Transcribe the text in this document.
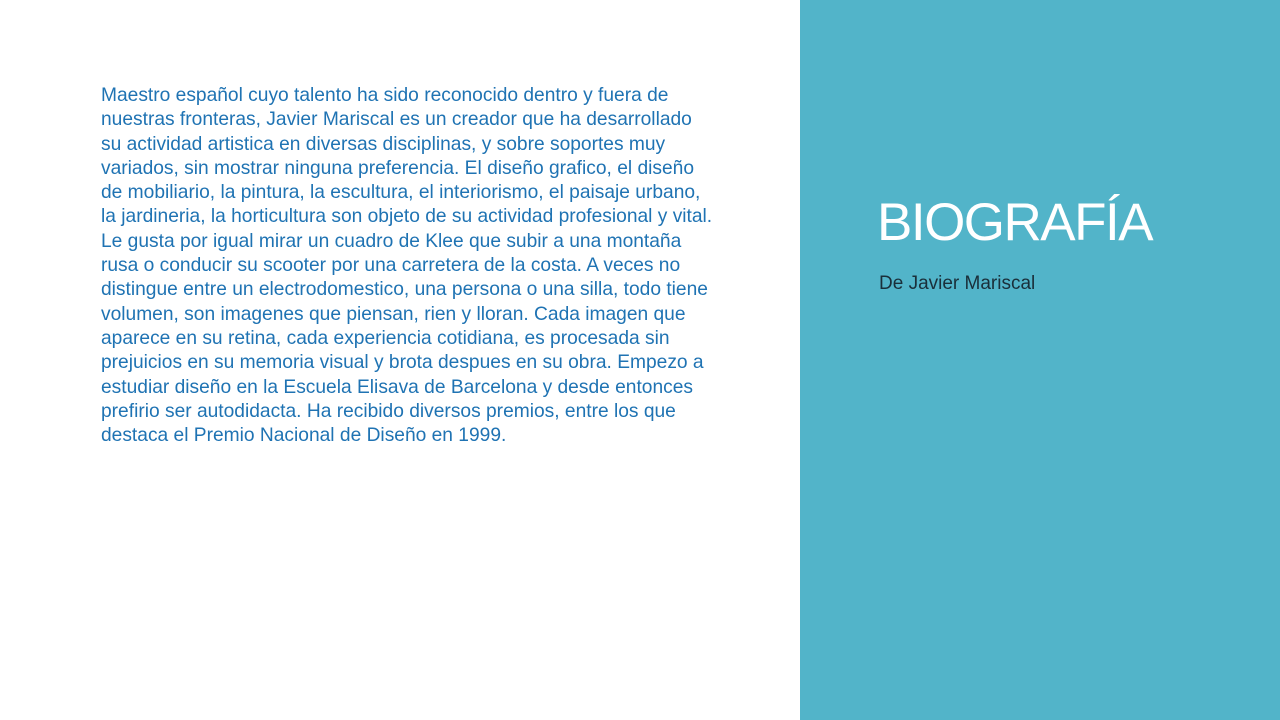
Maestro español cuyo talento ha sido reconocido dentro y fuera de nuestras fronteras, Javier Mariscal es un creador que ha desarrollado su actividad artistica en diversas disciplinas, y sobre soportes muy variados, sin mostrar ninguna preferencia. El diseño grafico, el diseño de mobiliario, la pintura, la escultura, el interiorismo, el paisaje urbano, la jardineria, la horticultura son objeto de su actividad profesional y vital. Le gusta por igual mirar un cuadro de Klee que subir a una montaña rusa o conducir su scooter por una carretera de la costa. A veces no distingue entre un electrodomestico, una persona o una silla, todo tiene volumen, son imagenes que piensan, rien y lloran. Cada imagen que aparece en su retina, cada experiencia cotidiana, es procesada sin prejuicios en su memoria visual y brota despues en su obra. Empezo a estudiar diseño en la Escuela Elisava de Barcelona y desde entonces prefirio ser autodidacta. Ha recibido diversos premios, entre los que destaca el Premio Nacional de Diseño en 1999.

BIOGRAFÍA

De Javier Mariscal
